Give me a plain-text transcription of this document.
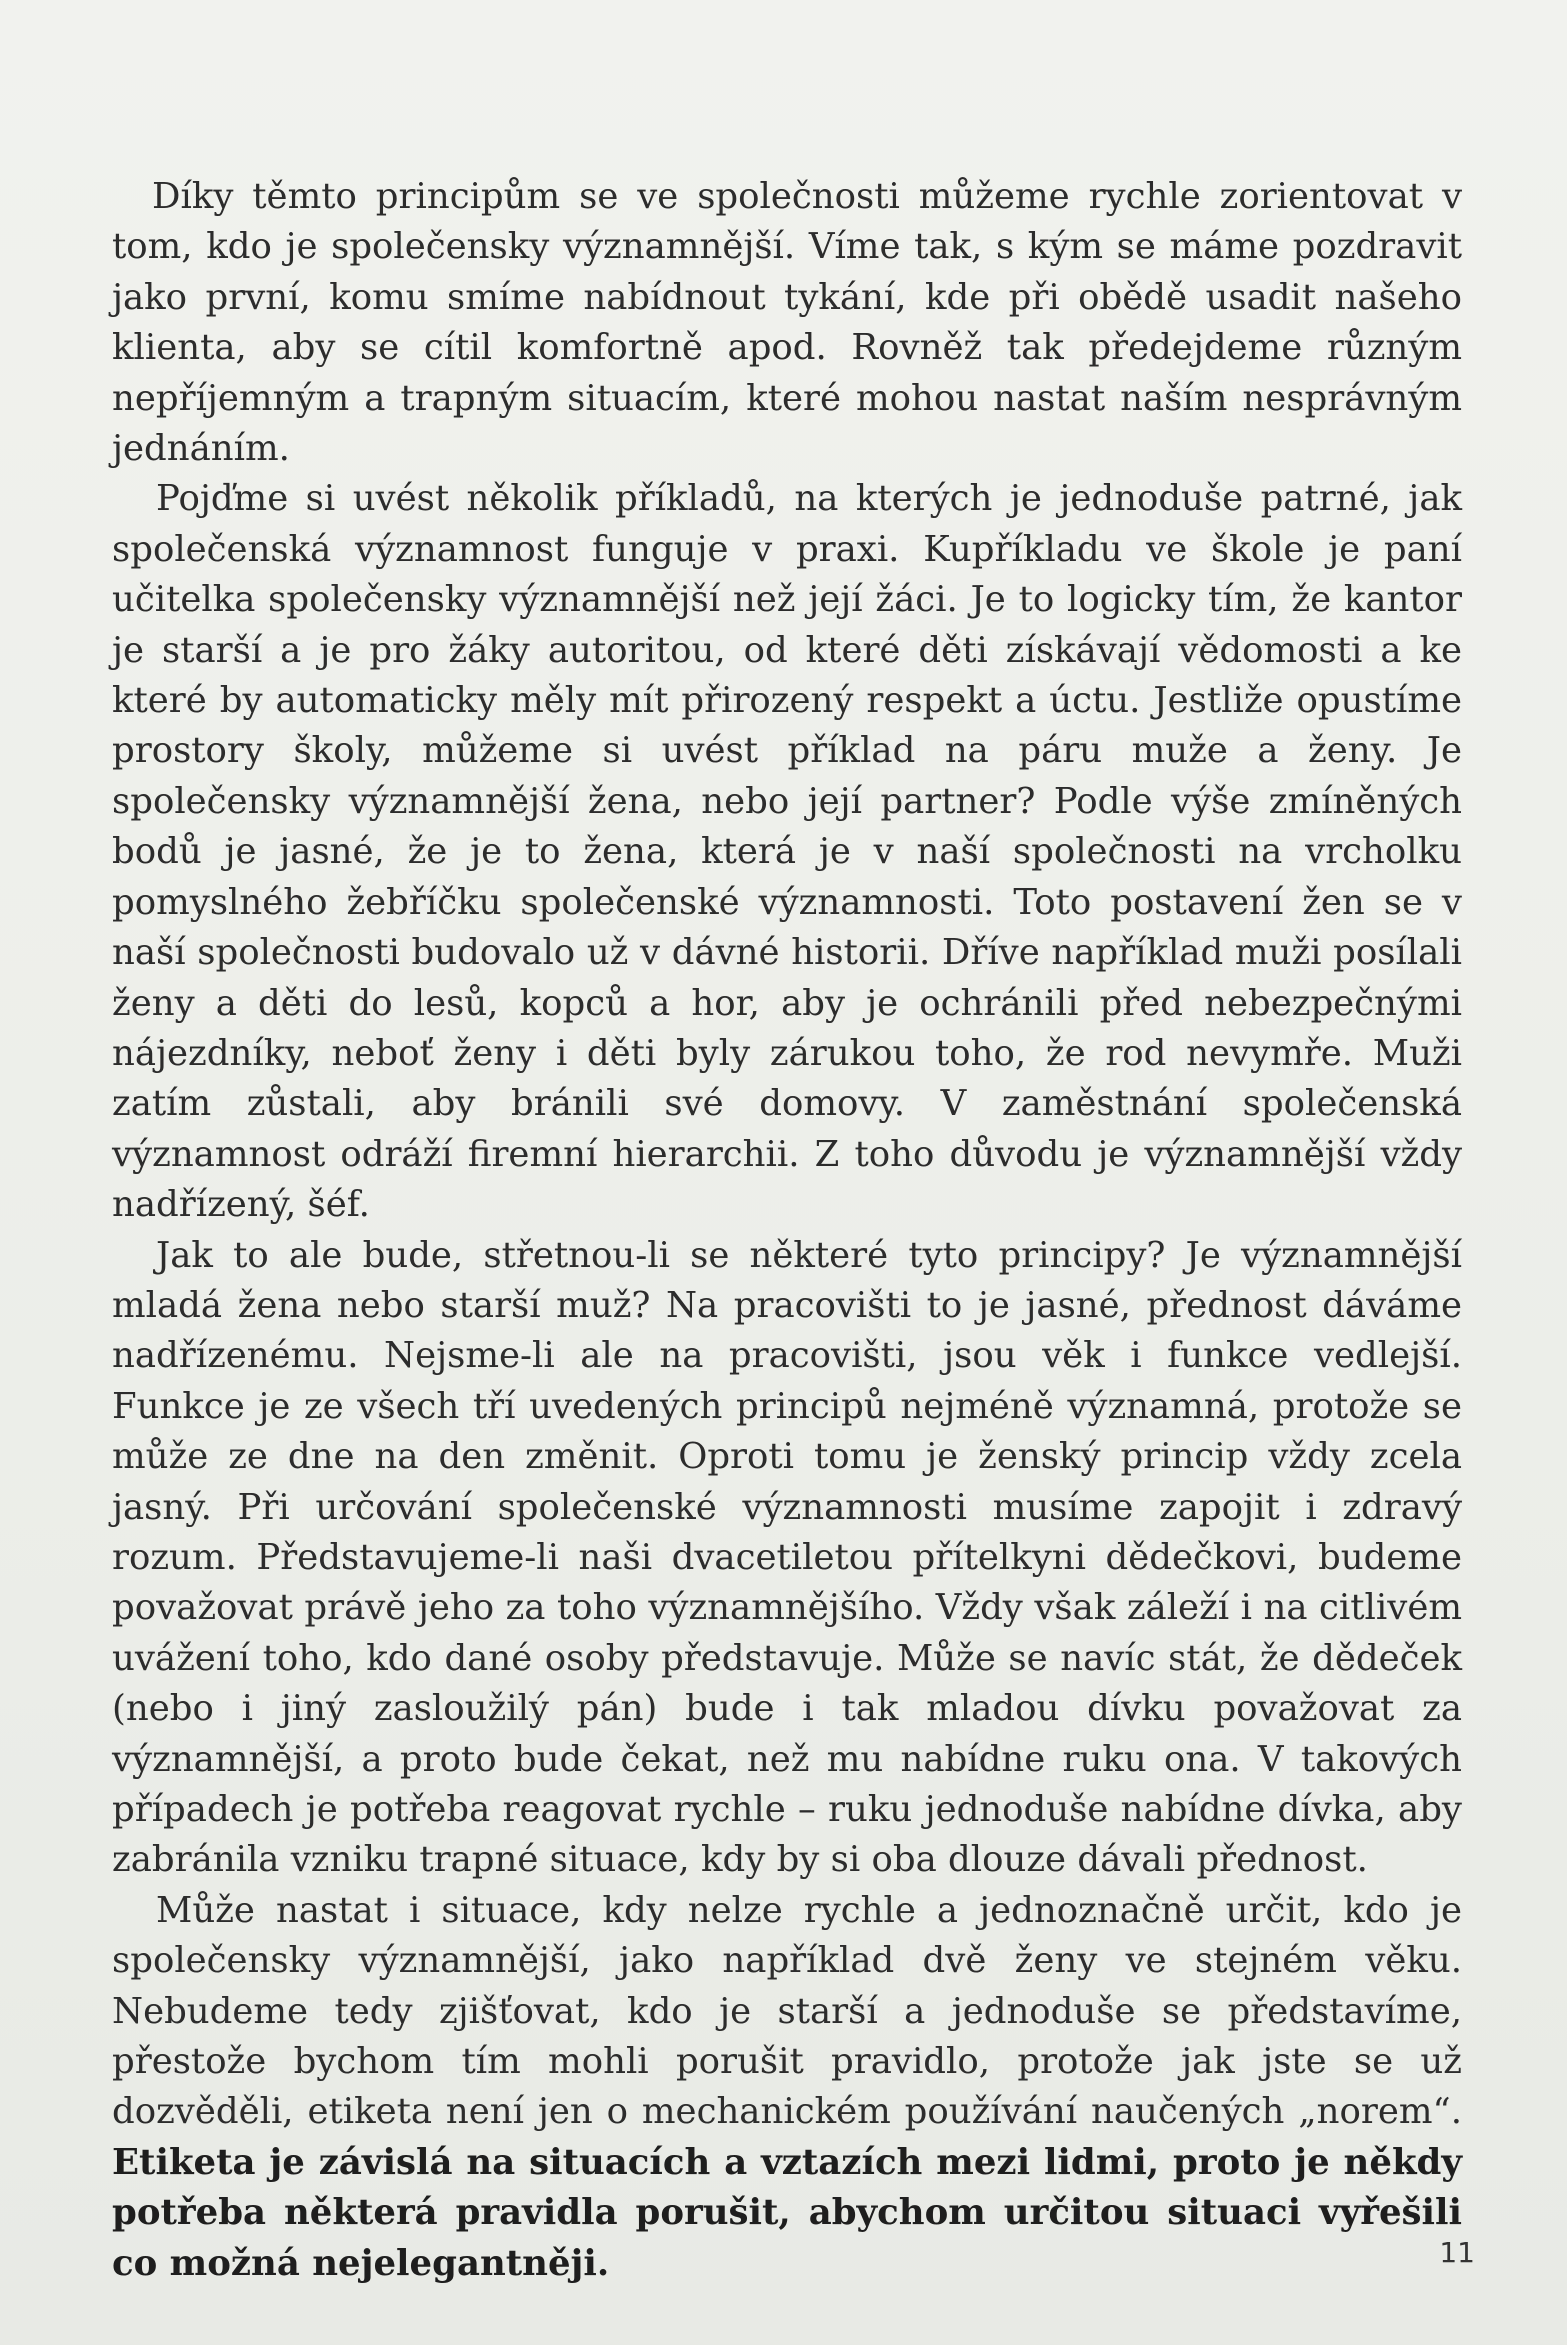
Díky těmto principům se ve společnosti můžeme rychle zorientovat v tom, kdo je společensky významnější. Víme tak, s kým se máme pozdravit jako první, komu smíme nabídnout tykání, kde při obědě usadit našeho klienta, aby se cítil komfortně apod. Rovněž tak předejdeme různým nepříjemným a trapným situacím, které mohou nastat naším nesprávným jednáním.

Pojďme si uvést několik příkladů, na kterých je jednoduše patrné, jak společenská významnost funguje v praxi. Kupříkladu ve škole je paní učitelka společensky významnější než její žáci. Je to logicky tím, že kantor je starší a je pro žáky autoritou, od které děti získávají vědomosti a ke které by automaticky měly mít přirozený respekt a úctu. Jestliže opustíme prostory školy, můžeme si uvést příklad na páru muže a ženy. Je společensky významnější žena, nebo její partner? Podle výše zmíněných bodů je jasné, že je to žena, která je v naší společnosti na vrcholku pomyslného žebříčku společenské významnosti. Toto postavení žen se v naší společnosti budovalo už v dávné historii. Dříve například muži posílali ženy a děti do lesů, kopců a hor, aby je ochránili před nebezpečnými nájezdníky, neboť ženy i děti byly zárukou toho, že rod nevymře. Muži zatím zůstali, aby bránili své domovy. V zaměstnání společenská významnost odráží firemní hierarchii. Z toho důvodu je významnější vždy nadřízený, šéf.

Jak to ale bude, střetnou-li se některé tyto principy? Je významnější mladá žena nebo starší muž? Na pracovišti to je jasné, přednost dáváme nadřízenému. Nejsme-li ale na pracovišti, jsou věk i funkce vedlejší. Funkce je ze všech tří uvedených principů nejméně významná, protože se může ze dne na den změnit. Oproti tomu je ženský princip vždy zcela jasný. Při určování společenské významnosti musíme zapojit i zdravý rozum. Představujeme-li naši dvacetiletou přítelkyni dědečkovi, budeme považovat právě jeho za toho významnějšího. Vždy však záleží i na citlivém uvážení toho, kdo dané osoby představuje. Může se navíc stát, že dědeček (nebo i jiný zasloužilý pán) bude i tak mladou dívku považovat za významnější, a proto bude čekat, než mu nabídne ruku ona. V takových případech je potřeba reagovat rychle – ruku jednoduše nabídne dívka, aby zabránila vzniku trapné situace, kdy by si oba dlouze dávali přednost.

Může nastat i situace, kdy nelze rychle a jednoznačně určit, kdo je společensky významnější, jako například dvě ženy ve stejném věku. Nebudeme tedy zjišťovat, kdo je starší a jednoduše se představíme, přestože bychom tím mohli porušit pravidlo, protože jak jste se už dozvěděli, etiketa není jen o mechanickém používání naučených „norem“. Etiketa je závislá na situacích a vztazích mezi lidmi, proto je někdy potřeba některá pravidla porušit, abychom určitou situaci vyřešili co možná nejelegantněji.	11
